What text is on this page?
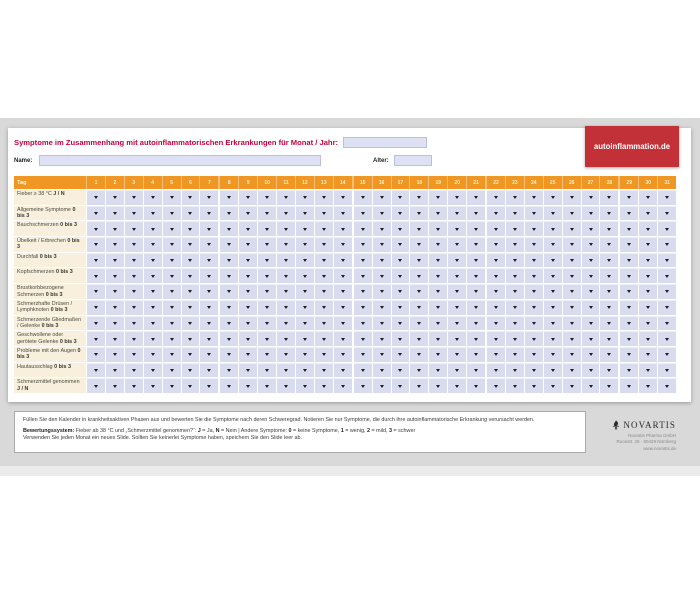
Symptome im Zusammenhang mit autoinflammatorischen Erkrankungen für Monat / Jahr:
Name:	Alter:
Tag	1	2	3	4	5	6	7	8	9	10	11	12	13	14	15	16	17	18	19	20	21	22	23	24	25	26	27	28	29	30	31
Fieber ≥ 38 °C J / N
Allgemeine Symptome 0 bis 3
Bauchschmerzen 0 bis 3
Übelkeit / Erbrechen 0 bis 3
Durchfall 0 bis 3
Kopfschmerzen 0 bis 3
Brustkorbbezogene Schmerzen 0 bis 3
Schmerzhafte Drüsen / Lymphknoten 0 bis 3
Schmerzende Gliedmaßen / Gelenke 0 bis 3
Geschwollene oder gerötete Gelenke 0 bis 3
Probleme mit den Augen 0 bis 3
Hautausschlag 0 bis 3
Schmerzmittel genommen J / N
autoinflammation.de

Füllen Sie den Kalender in krankheitsaktiven Phasen aus und bewerten Sie die Symptome nach deren Schweregrad. Notieren Sie nur Symptome, die durch ihre autoinflammatorische Erkrankung verursacht werden.

Bewertungssystem: Fieber ab 38 °C und „Schmerzmittel genommen?“: J = Ja, N = Nein | Andere Symptome: 0 = keine Symptome, 1 = wenig, 2 = mild, 3 = schwer

Verwenden Sie jeden Monat ein neues Slide. Sollten Sie keinerlei Symptome haben, speichern Sie den Slide leer ab.

NOVARTIS
Novartis Pharma GmbH
Roonstr. 25 · 90429 Nürnberg
www.novartis.de
